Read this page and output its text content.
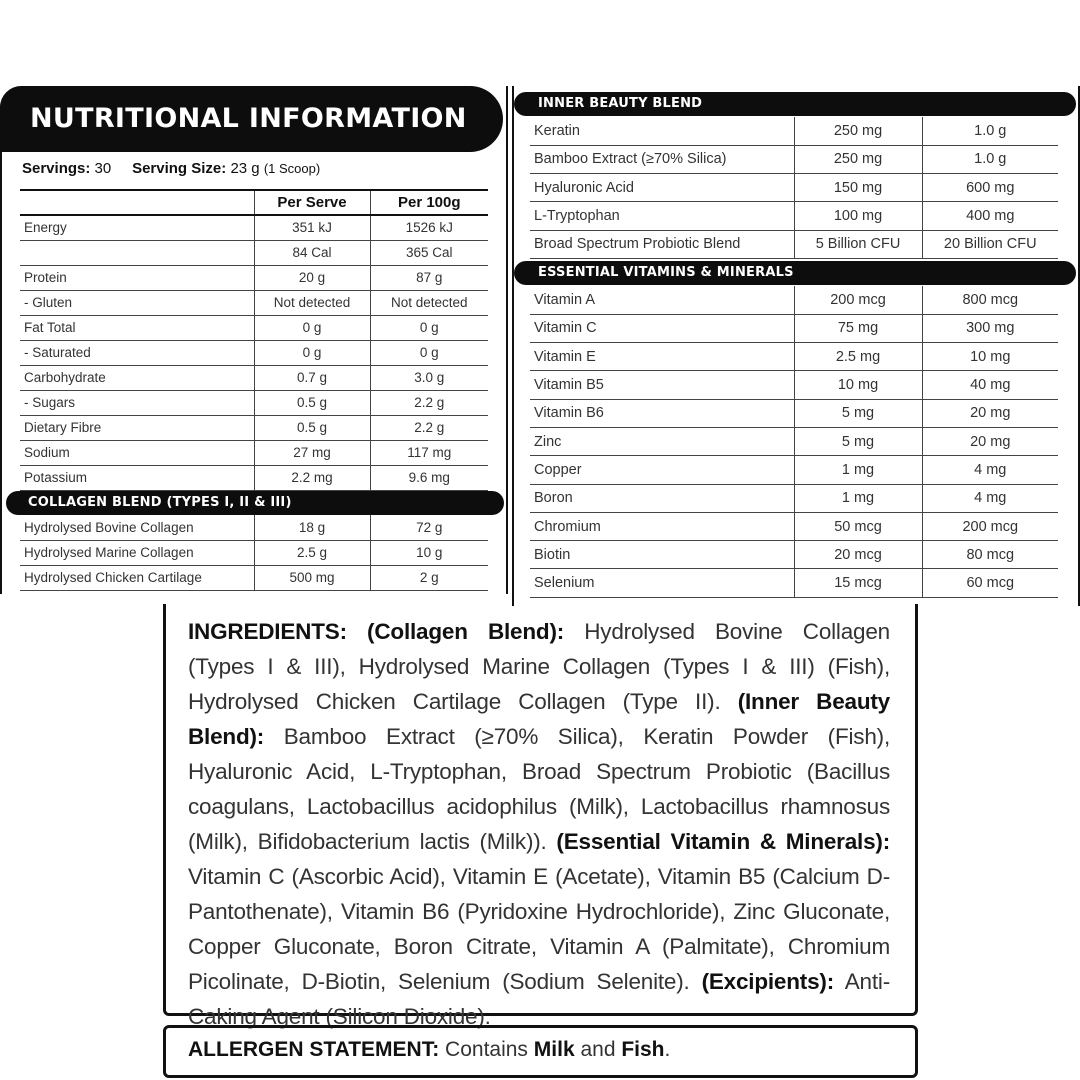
NUTRITIONAL INFORMATION
Servings: 30 Serving Size: 23 g (1 Scoop)
	Per Serve	Per 100g
Energy	351 kJ	1526 kJ
	84 Cal	365 Cal
Protein	20 g	87 g
- Gluten	Not detected	Not detected
Fat Total	0 g	0 g
- Saturated	0 g	0 g
Carbohydrate	0.7 g	3.0 g
- Sugars	0.5 g	2.2 g
Dietary Fibre	0.5 g	2.2 g
Sodium	27 mg	117 mg
Potassium	2.2 mg	9.6 mg
COLLAGEN BLEND (TYPES I, II & III)
Hydrolysed Bovine Collagen	18 g	72 g
Hydrolysed Marine Collagen	2.5 g	10 g
Hydrolysed Chicken Cartilage	500 mg	2 g
INNER BEAUTY BLEND
Keratin	250 mg	1.0 g
Bamboo Extract (≥70% Silica)	250 mg	1.0 g
Hyaluronic Acid	150 mg	600 mg
L-Tryptophan	100 mg	400 mg
Broad Spectrum Probiotic Blend	5 Billion CFU	20 Billion CFU
ESSENTIAL VITAMINS & MINERALS
Vitamin A	200 mcg	800 mcg
Vitamin C	75 mg	300 mg
Vitamin E	2.5 mg	10 mg
Vitamin B5	10 mg	40 mg
Vitamin B6	5 mg	20 mg
Zinc	5 mg	20 mg
Copper	1 mg	4 mg
Boron	1 mg	4 mg
Chromium	50 mcg	200 mcg
Biotin	20 mcg	80 mcg
Selenium	15 mcg	60 mcg
INGREDIENTS: (Collagen Blend): Hydrolysed Bovine Collagen (Types I & III), Hydrolysed Marine Collagen (Types I & III) (Fish), Hydrolysed Chicken Cartilage Collagen (Type II). (Inner Beauty Blend): Bamboo Extract (≥70% Silica), Keratin Powder (Fish), Hyaluronic Acid, L-Tryptophan, Broad Spectrum Probiotic (Bacillus coagulans, Lactobacillus acidophilus (Milk), Lactobacillus rhamnosus (Milk), Bifidobacterium lactis (Milk)). (Essential Vitamin & Minerals): Vitamin C (Ascorbic Acid), Vitamin E (Acetate), Vitamin B5 (Calcium D-Pantothenate), Vitamin B6 (Pyridoxine Hydrochloride), Zinc Gluconate, Copper Gluconate, Boron Citrate, Vitamin A (Palmitate), Chromium Picolinate, D-Biotin, Selenium (Sodium Selenite). (Excipients): Anti-Caking Agent (Silicon Dioxide).
ALLERGEN STATEMENT: Contains Milk and Fish.
